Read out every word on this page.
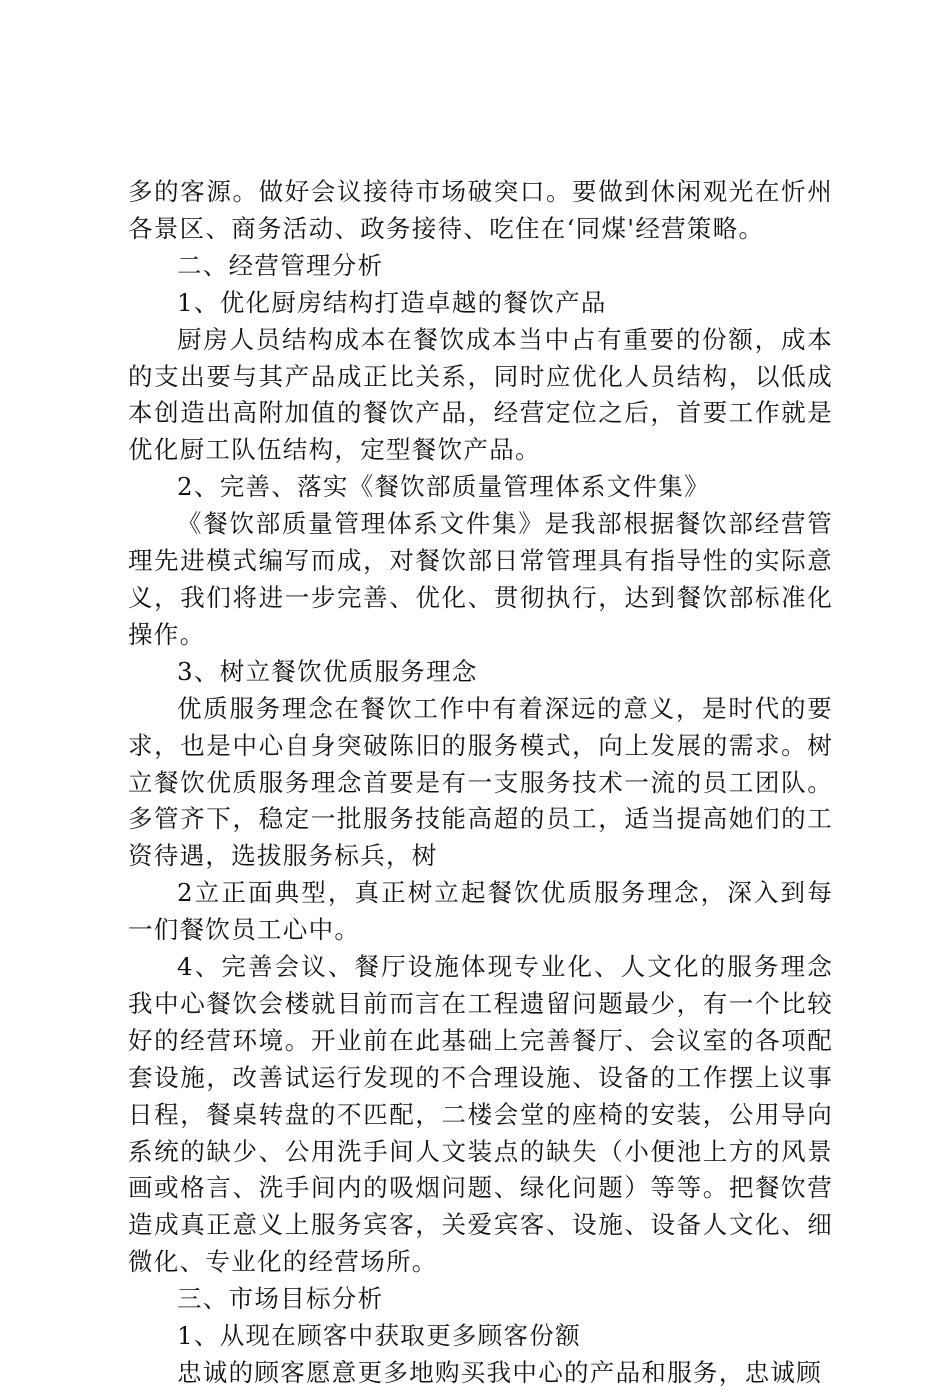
多的客源。做好会议接待市场破突口。要做到休闲观光在忻州各景区、商务活动、政务接待、吃住在‘同煤'经营策略。

二、经营管理分析

1、优化厨房结构打造卓越的餐饮产品

厨房人员结构成本在餐饮成本当中占有重要的份额，成本的支出要与其产品成正比关系，同时应优化人员结构，以低成本创造出高附加值的餐饮产品，经营定位之后，首要工作就是优化厨工队伍结构，定型餐饮产品。

2、完善、落实《餐饮部质量管理体系文件集》

《餐饮部质量管理体系文件集》是我部根据餐饮部经营管理先进模式编写而成，对餐饮部日常管理具有指导性的实际意义，我们将进一步完善、优化、贯彻执行，达到餐饮部标准化操作。

3、树立餐饮优质服务理念

优质服务理念在餐饮工作中有着深远的意义，是时代的要求，也是中心自身突破陈旧的服务模式，向上发展的需求。树立餐饮优质服务理念首要是有一支服务技术一流的员工团队。多管齐下，稳定一批服务技能高超的员工，适当提高她们的工资待遇，选拔服务标兵，树

2立正面典型，真正树立起餐饮优质服务理念，深入到每一们餐饮员工心中。

4、完善会议、餐厅设施体现专业化、人文化的服务理念我中心餐饮会楼就目前而言在工程遗留问题最少，有一个比较好的经营环境。开业前在此基础上完善餐厅、会议室的各项配套设施，改善试运行发现的不合理设施、设备的工作摆上议事日程，餐桌转盘的不匹配，二楼会堂的座椅的安装，公用导向系统的缺少、公用洗手间人文装点的缺失（小便池上方的风景画或格言、洗手间内的吸烟问题、绿化问题）等等。把餐饮营造成真正意义上服务宾客，关爱宾客、设施、设备人文化、细微化、专业化的经营场所。

三、市场目标分析

1、从现在顾客中获取更多顾客份额

忠诚的顾客愿意更多地购买我中心的产品和服务，忠诚顾
